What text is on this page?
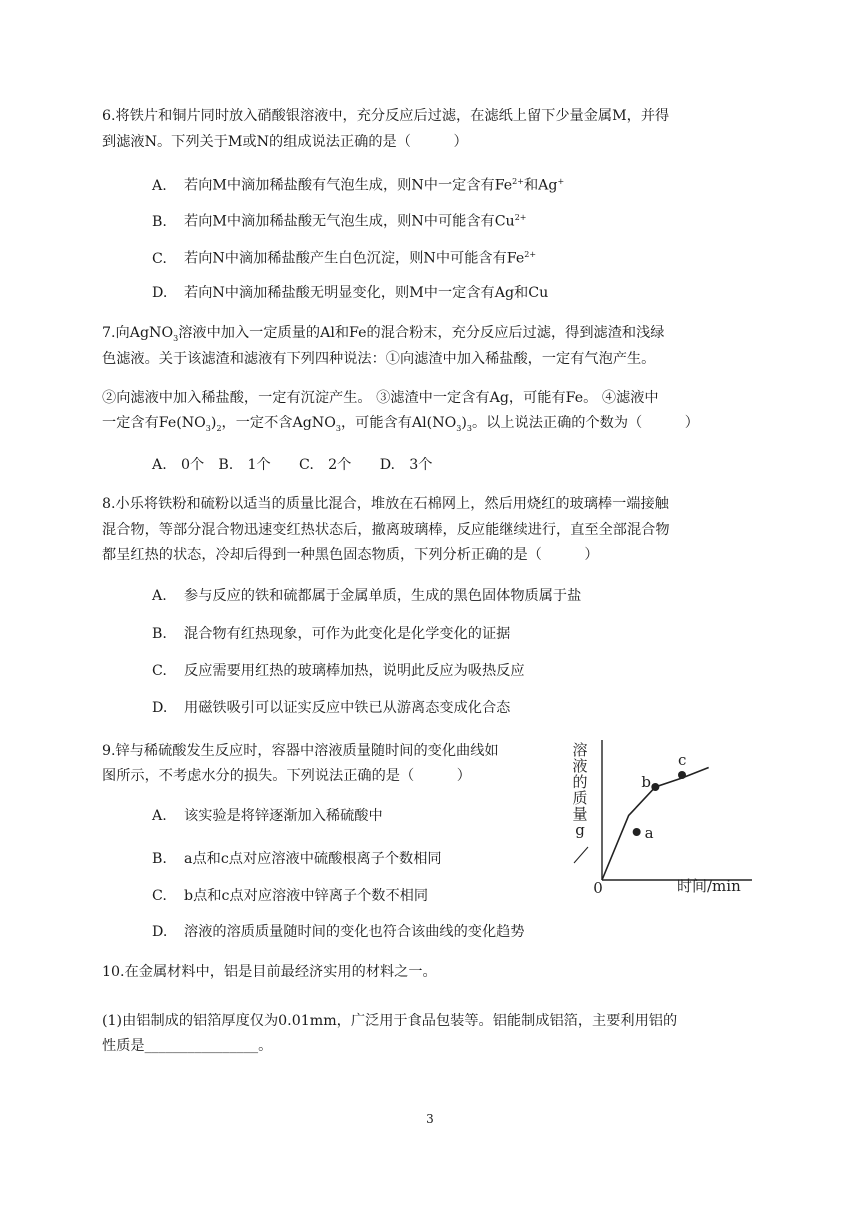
6.将铁片和铜片同时放入硝酸银溶液中，充分反应后过滤，在滤纸上留下少量金属M，并得
到滤液N。下列关于M或N的组成说法正确的是（　　　）
A. 若向M中滴加稀盐酸有气泡生成，则N中一定含有$Fe^{2+}$和Ag+
B. 若向M中滴加稀盐酸无气泡生成，则N中可能含有$Cu^{2+}$
C. 若向N中滴加稀盐酸产生白色沉淀，则N中可能含有$Fe^{2+}$
D. 若向N中滴加稀盐酸无明显变化，则M中一定含有Ag和Cu
7.向AgNO$_3$溶液中加入一定质量的Al和Fe的混合粉末，充分反应后过滤，得到滤渣和浅绿
色滤液。关于该滤渣和滤液有下列四种说法：①向滤渣中加入稀盐酸，一定有气泡产生。
②向滤液中加入稀盐酸，一定有沉淀产生。 ③滤渣中一定含有Ag，可能有Fe。 ④滤液中
一定含有$Fe(NO_3)_2$，一定不含AgNO$_3$，可能含有$Al(NO_3)_3$。以上说法正确的个数为（　　　）
A.　0个　B.　1个　　C.　2个　　D.　3个
8.小乐将铁粉和硫粉以适当的质量比混合，堆放在石棉网上，然后用烧红的玻璃棒一端接触
混合物，等部分混合物迅速变红热状态后，撤离玻璃棒，反应能继续进行，直至全部混合物
都呈红热的状态，冷却后得到一种黑色固态物质，下列分析正确的是（　　　）
A. 参与反应的铁和硫都属于金属单质，生成的黑色固体物质属于盐
B. 混合物有红热现象，可作为此变化是化学变化的证据
C. 反应需要用红热的玻璃棒加热，说明此反应为吸热反应
D. 用磁铁吸引可以证实反应中铁已从游离态变成化合态
9.锌与稀硫酸发生反应时，容器中溶液质量随时间的变化曲线如
图所示，不考虑水分的损失。下列说法正确的是（　　　）
A. 该实验是将锌逐渐加入稀硫酸中
B. a点和c点对应溶液中硫酸根离子个数相同
C. b点和c点对应溶液中锌离子个数不相同
D. 溶液的溶质质量随时间的变化也符合该曲线的变化趋势
溶
液
的
质
量
g
时间/min
0
a
b
c
10.在金属材料中，铝是目前最经济实用的材料之一。
(1)由铝制成的铝箔厚度仅为0.01mm，广泛用于食品包装等。铝能制成铝箔，主要利用铝的
性质是________________。
3
